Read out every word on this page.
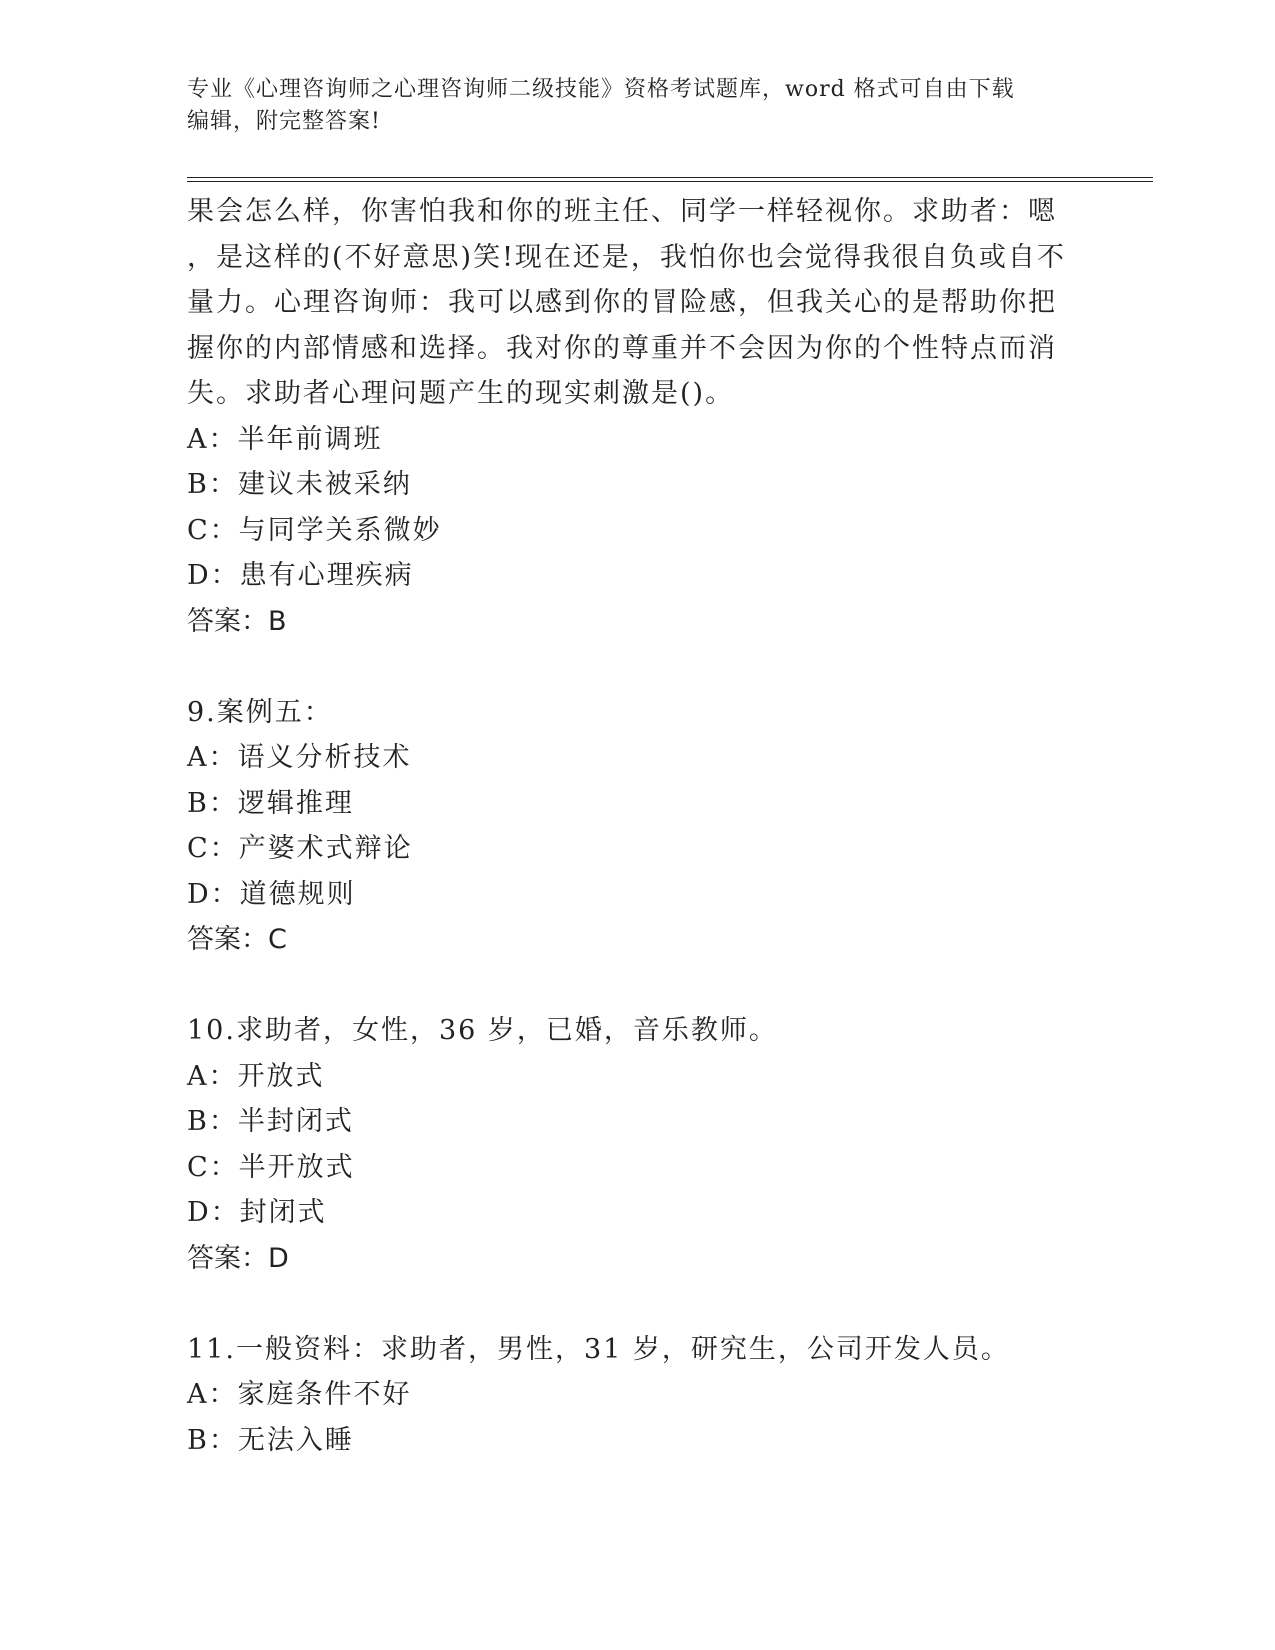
专业《心理咨询师之心理咨询师二级技能》资格考试题库，word 格式可自由下载
编辑，附完整答案!
果会怎么样，你害怕我和你的班主任、同学一样轻视你。求助者：嗯
，是这样的(不好意思)笑!现在还是，我怕你也会觉得我很自负或自不
量力。心理咨询师：我可以感到你的冒险感，但我关心的是帮助你把
握你的内部情感和选择。我对你的尊重并不会因为你的个性特点而消
失。求助者心理问题产生的现实刺激是()。
A：半年前调班
B：建议未被采纳
C：与同学关系微妙
D：患有心理疾病
答案：B
9.案例五：
A：语义分析技术
B：逻辑推理
C：产婆术式辩论
D：道德规则
答案：C
10.求助者，女性，36 岁，已婚，音乐教师。
A：开放式
B：半封闭式
C：半开放式
D：封闭式
答案：D
11.一般资料：求助者，男性，31 岁，研究生，公司开发人员。
A：家庭条件不好
B：无法入睡
